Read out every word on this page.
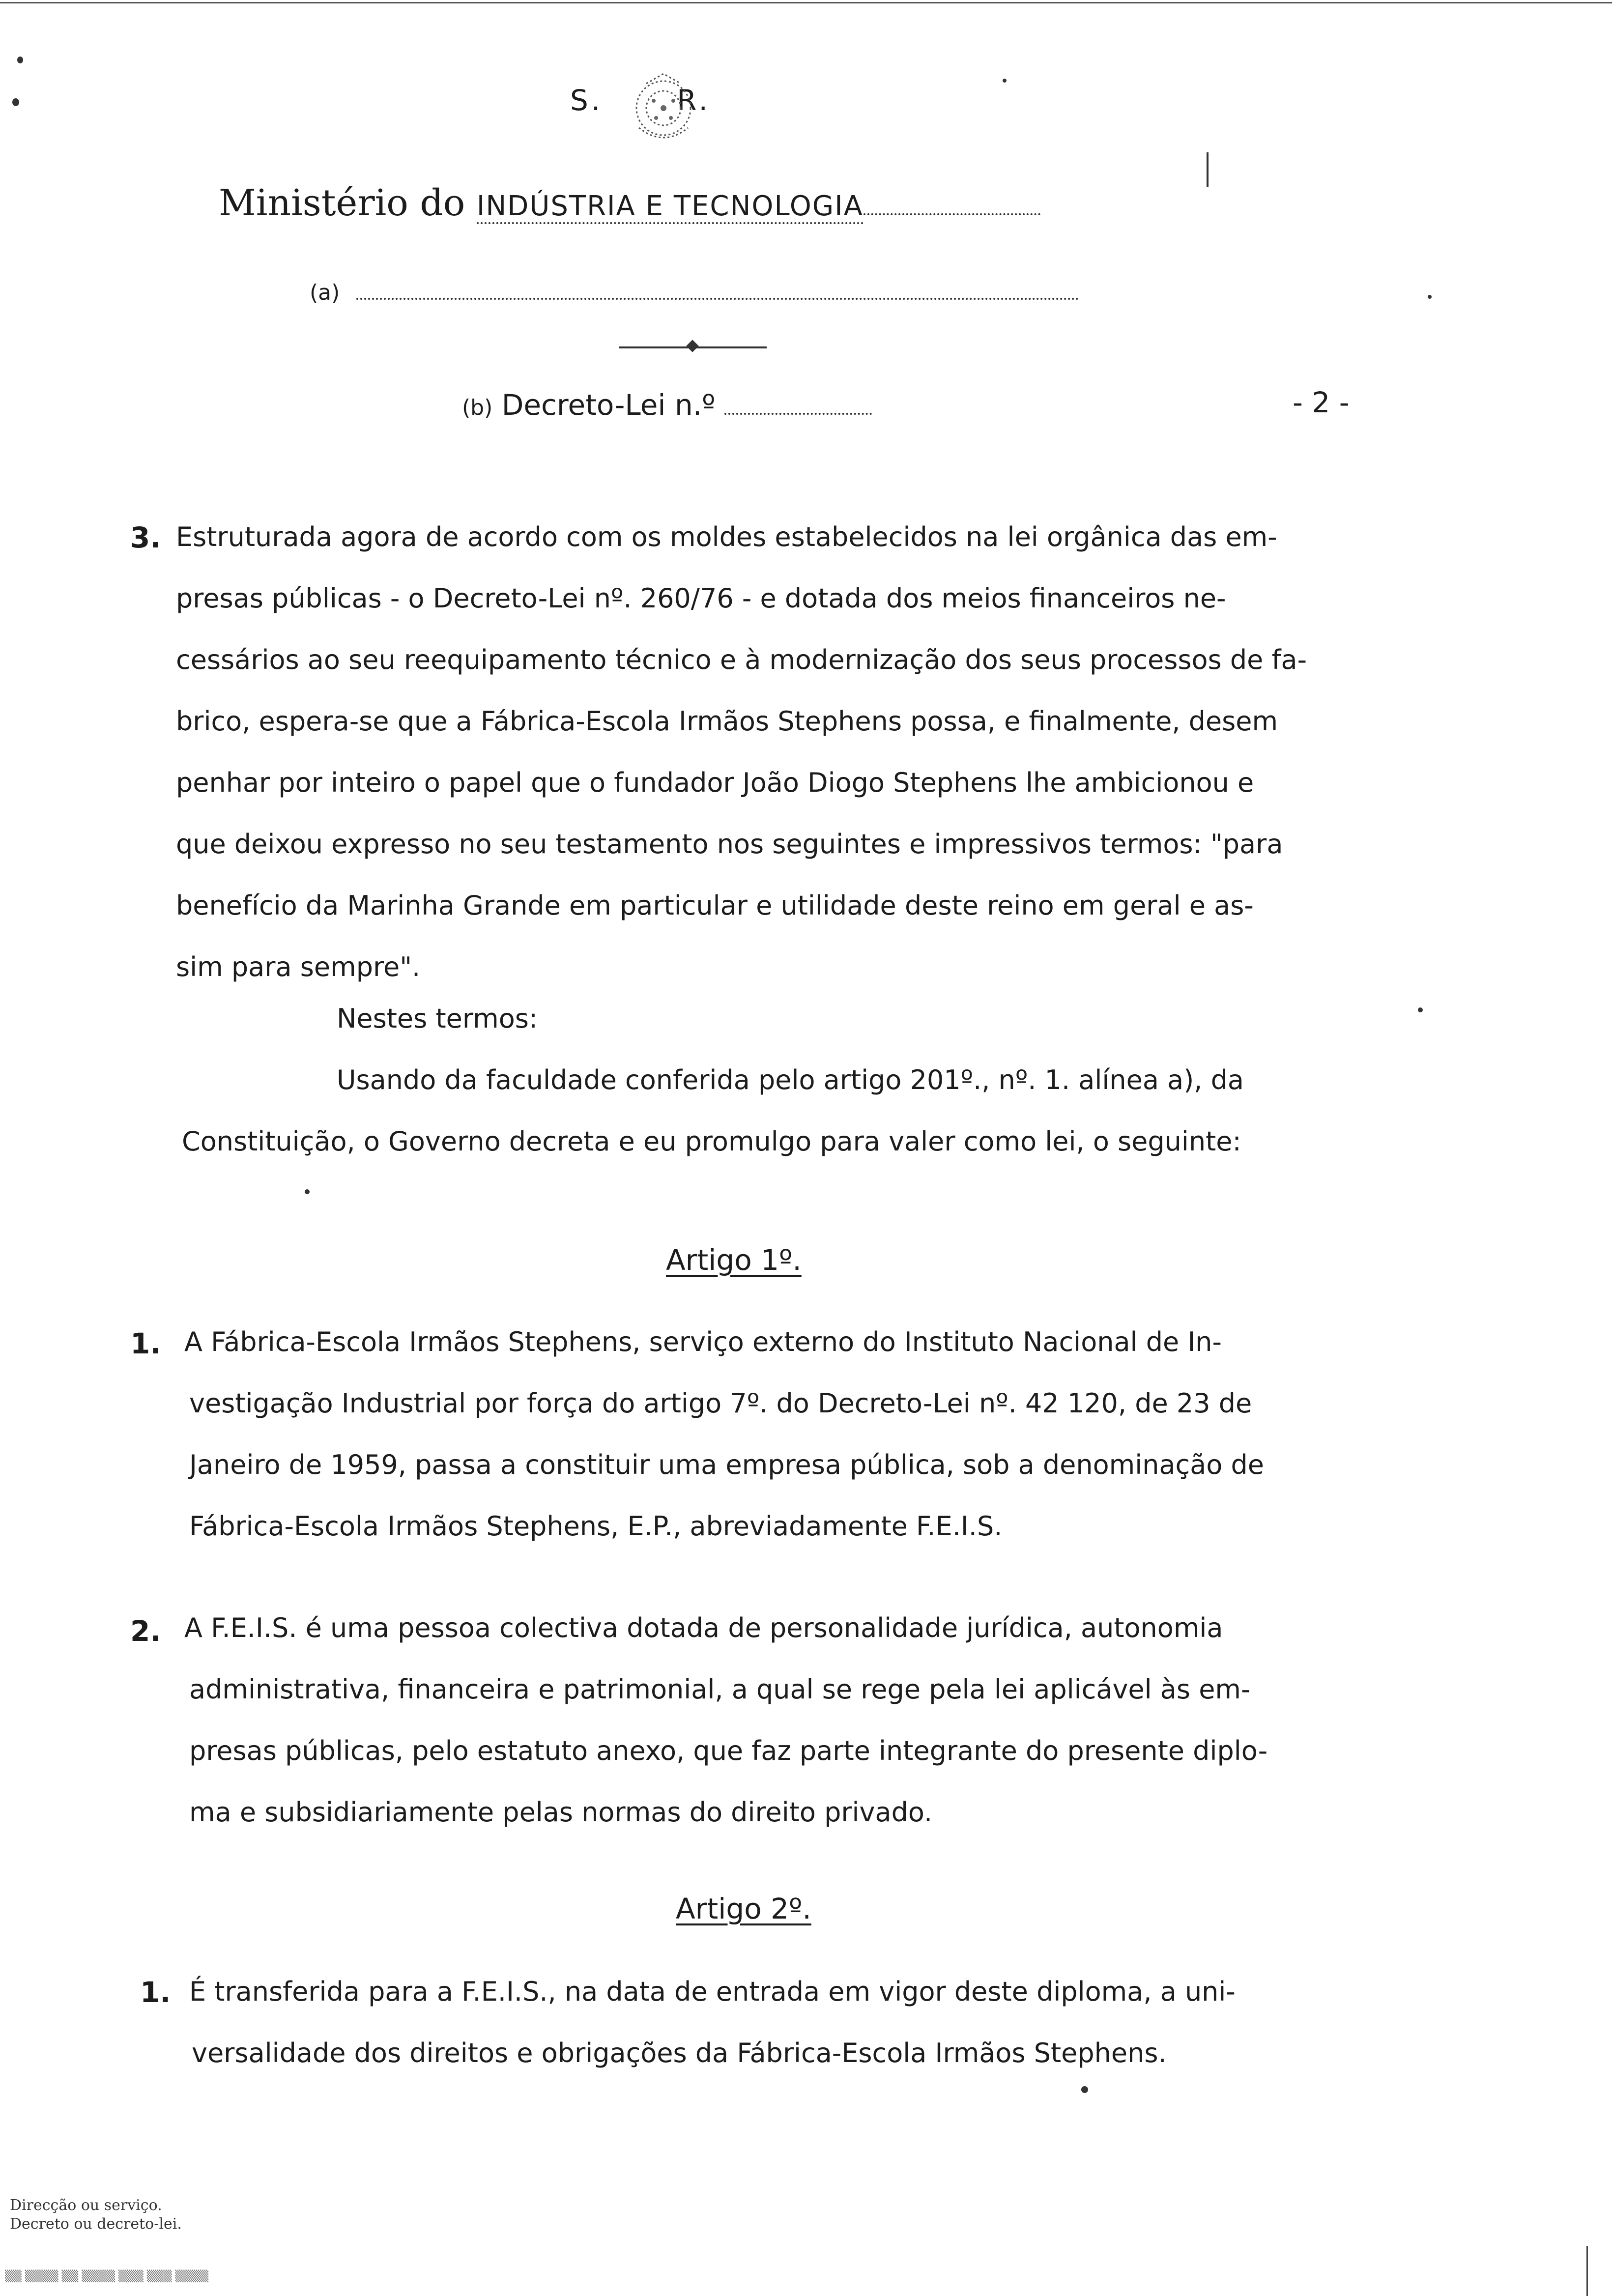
S.	R.
Ministério do INDÚSTRIA E TECNOLOGIA
(a)
(b) Decreto-Lei n.º	- 2 -
3. Estruturada agora de acordo com os moldes estabelecidos na lei orgânica das em-
presas públicas - o Decreto-Lei nº. 260/76 - e dotada dos meios financeiros ne-
cessários ao seu reequipamento técnico e à modernização dos seus processos de fa-
brico, espera-se que a Fábrica-Escola Irmãos Stephens possa, e finalmente, desem
penhar por inteiro o papel que o fundador João Diogo Stephens lhe ambicionou e
que deixou expresso no seu testamento nos seguintes e impressivos termos: "para
benefício da Marinha Grande em particular e utilidade deste reino em geral e as-
sim para sempre".
Nestes termos:
Usando da faculdade conferida pelo artigo 201º., nº. 1. alínea a), da
Constituição, o Governo decreta e eu promulgo para valer como lei, o seguinte:
Artigo 1º.
1. A Fábrica-Escola Irmãos Stephens, serviço externo do Instituto Nacional de In-
vestigação Industrial por força do artigo 7º. do Decreto-Lei nº. 42 120, de 23 de
Janeiro de 1959, passa a constituir uma empresa pública, sob a denominação de
Fábrica-Escola Irmãos Stephens, E.P., abreviadamente F.E.I.S.
2. A F.E.I.S. é uma pessoa colectiva dotada de personalidade jurídica, autonomia
administrativa, financeira e patrimonial, a qual se rege pela lei aplicável às em-
presas públicas, pelo estatuto anexo, que faz parte integrante do presente diplo-
ma e subsidiariamente pelas normas do direito privado.
Artigo 2º.
1. É transferida para a F.E.I.S., na data de entrada em vigor deste diploma, a uni-
versalidade dos direitos e obrigações da Fábrica-Escola Irmãos Stephens.
Direcção ou serviço.
Decreto ou decreto-lei.
▒▒ ▒▒▒▒ ▒▒ ▒▒▒▒ ▒▒▒ ▒▒▒ ▒▒▒▒
